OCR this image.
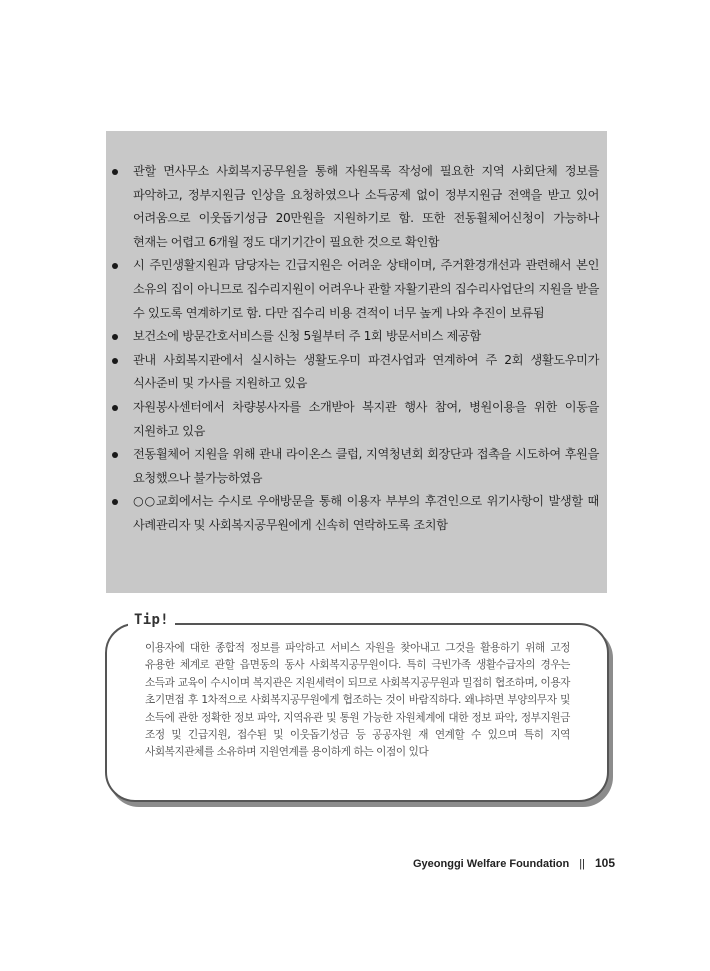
관할 면사무소 사회복지공무원을 통해 자원목록 작성에 필요한 지역 사회단체 정보를 파악하고, 정부지원금 인상을 요청하였으나 소득공제 없이 정부지원금 전액을 받고 있어 어려움으로 이웃돕기성금 20만원을 지원하기로 함. 또한 전동휠체어신청이 가능하나 현재는 어렵고 6개월 정도 대기기간이 필요한 것으로 확인함
시 주민생활지원과 담당자는 긴급지원은 어려운 상태이며, 주거환경개선과 관련해서 본인 소유의 집이 아니므로 집수리지원이 어려우나 관할 자활기관의 집수리사업단의 지원을 받을 수 있도록 연계하기로 함. 다만 집수리 비용 견적이 너무 높게 나와 추진이 보류됨
보건소에 방문간호서비스를 신청 5월부터 주 1회 방문서비스 제공함
관내 사회복지관에서 실시하는 생활도우미 파견사업과 연계하여 주 2회 생활도우미가 식사준비 및 가사를 지원하고 있음
자원봉사센터에서 차량봉사자를 소개받아 복지관 행사 참여, 병원이용을 위한 이동을 지원하고 있음
전동휠체어 지원을 위해 관내 라이온스 클럽, 지역청년회 회장단과 접촉을 시도하여 후원을 요청했으나 불가능하였음
○○교회에서는 수시로 우애방문을 통해 이용자 부부의 후견인으로 위기사항이 발생할 때 사례관리자 및 사회복지공무원에게 신속히 연락하도록 조치함
Tip!
이용자에 대한 종합적 정보를 파악하고 서비스 자원을 찾아내고 그것을 활용하기 위해 고정 유용한 체계로 관할 읍면동의 동사 사회복지공무원이다. 특히 극빈가족 생활수급자의 경우는 소득과 교육이 수시이며 복지관은 지원세력이 되므로 사회복지공무원과 밀접히 협조하며, 이용자 초기면접 후 1차적으로 사회복지공무원에게 협조하는 것이 바람직하다. 왜냐하면 부양의무자 및 소득에 관한 정확한 정보 파악, 지역유관 및 통원 가능한 자원체계에 대한 정보 파악, 정부지원금 조정 및 긴급지원, 접수된 및 이웃돕기성금 등 공공자원 재 연계할 수 있으며 특히 지역 사회복지관체를 소유하며 지원연계를 용이하게 하는 이점이 있다
Gyeonggi Welfare Foundation || 105
